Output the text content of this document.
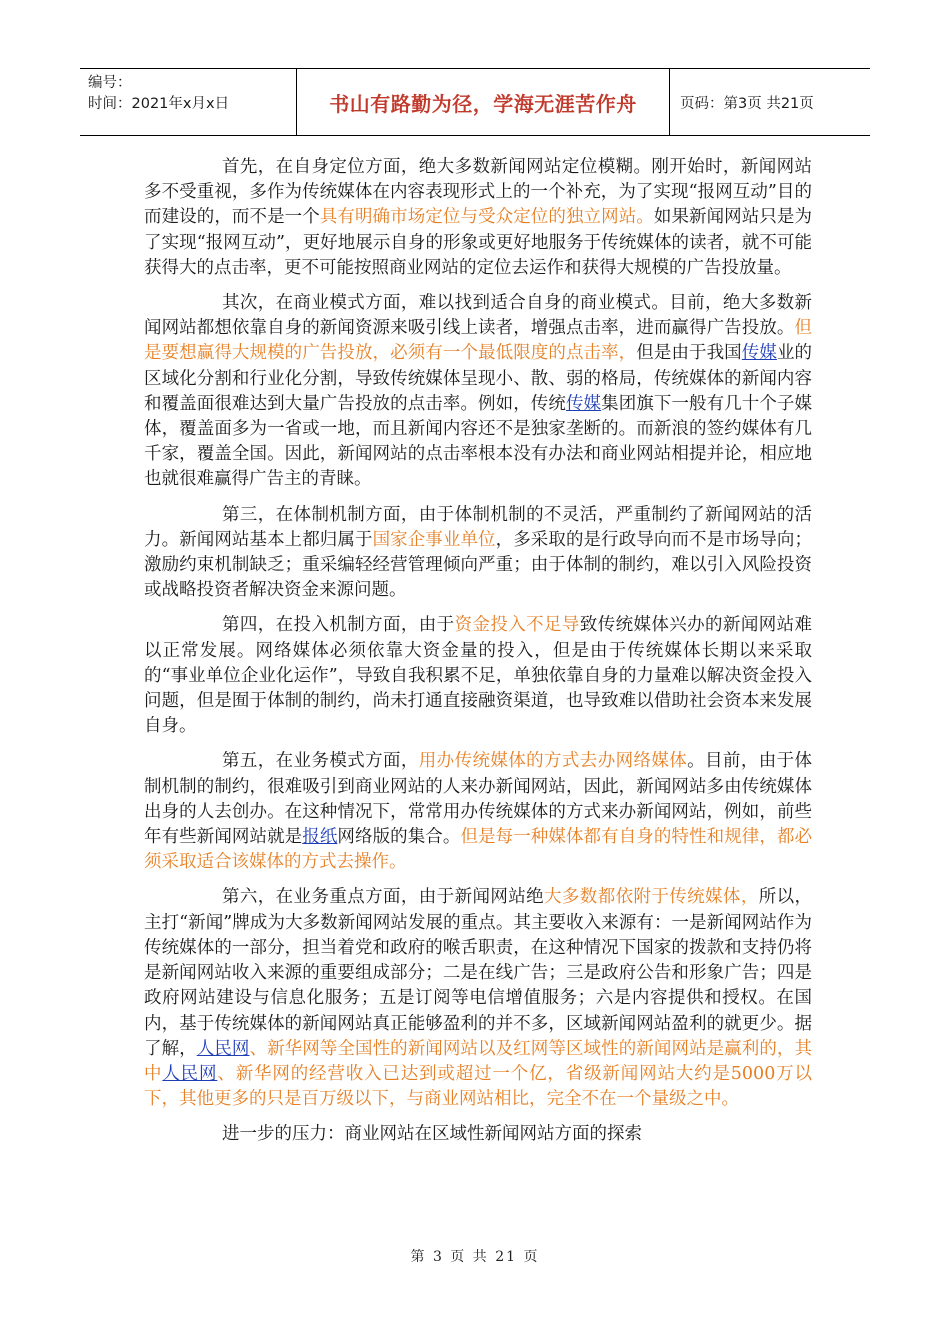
编号：
时间：2021年x月x日	书山有路勤为径，学海无涯苦作舟	页码：第3页 共21页

首先，在自身定位方面，绝大多数新闻网站定位模糊。刚开始时，新闻网站多不受重视，多作为传统媒体在内容表现形式上的一个补充，为了实现“报网互动”目的而建设的，而不是一个具有明确市场定位与受众定位的独立网站。如果新闻网站只是为了实现“报网互动”，更好地展示自身的形象或更好地服务于传统媒体的读者，就不可能获得大的点击率，更不可能按照商业网站的定位去运作和获得大规模的广告投放量。

其次，在商业模式方面，难以找到适合自身的商业模式。目前，绝大多数新闻网站都想依靠自身的新闻资源来吸引线上读者，增强点击率，进而赢得广告投放。但是要想赢得大规模的广告投放，必须有一个最低限度的点击率，但是由于我国传媒业的区域化分割和行业化分割，导致传统媒体呈现小、散、弱的格局，传统媒体的新闻内容和覆盖面很难达到大量广告投放的点击率。例如，传统传媒集团旗下一般有几十个子媒体，覆盖面多为一省或一地，而且新闻内容还不是独家垄断的。而新浪的签约媒体有几千家，覆盖全国。因此，新闻网站的点击率根本没有办法和商业网站相提并论，相应地也就很难赢得广告主的青睐。

第三，在体制机制方面，由于体制机制的不灵活，严重制约了新闻网站的活力。新闻网站基本上都归属于国家企事业单位，多采取的是行政导向而不是市场导向；激励约束机制缺乏；重采编轻经营管理倾向严重；由于体制的制约，难以引入风险投资或战略投资者解决资金来源问题。

第四，在投入机制方面，由于资金投入不足导致传统媒体兴办的新闻网站难以正常发展。网络媒体必须依靠大资金量的投入，但是由于传统媒体长期以来采取的“事业单位企业化运作”，导致自我积累不足，单独依靠自身的力量难以解决资金投入问题，但是囿于体制的制约，尚未打通直接融资渠道，也导致难以借助社会资本来发展自身。

第五，在业务模式方面，用办传统媒体的方式去办网络媒体。目前，由于体制机制的制约，很难吸引到商业网站的人来办新闻网站，因此，新闻网站多由传统媒体出身的人去创办。在这种情况下，常常用办传统媒体的方式来办新闻网站，例如，前些年有些新闻网站就是报纸网络版的集合。但是每一种媒体都有自身的特性和规律，都必须采取适合该媒体的方式去操作。

第六，在业务重点方面，由于新闻网站绝大多数都依附于传统媒体，所以，主打“新闻”牌成为大多数新闻网站发展的重点。其主要收入来源有：一是新闻网站作为传统媒体的一部分，担当着党和政府的喉舌职责，在这种情况下国家的拨款和支持仍将是新闻网站收入来源的重要组成部分；二是在线广告；三是政府公告和形象广告；四是政府网站建设与信息化服务；五是订阅等电信增值服务；六是内容提供和授权。在国内，基于传统媒体的新闻网站真正能够盈利的并不多，区域新闻网站盈利的就更少。据了解，人民网、新华网等全国性的新闻网站以及红网等区域性的新闻网站是赢利的，其中人民网、新华网的经营收入已达到或超过一个亿，省级新闻网站大约是5000万以下，其他更多的只是百万级以下，与商业网站相比，完全不在一个量级之中。

进一步的压力：商业网站在区域性新闻网站方面的探索

第 3 页 共 21 页
